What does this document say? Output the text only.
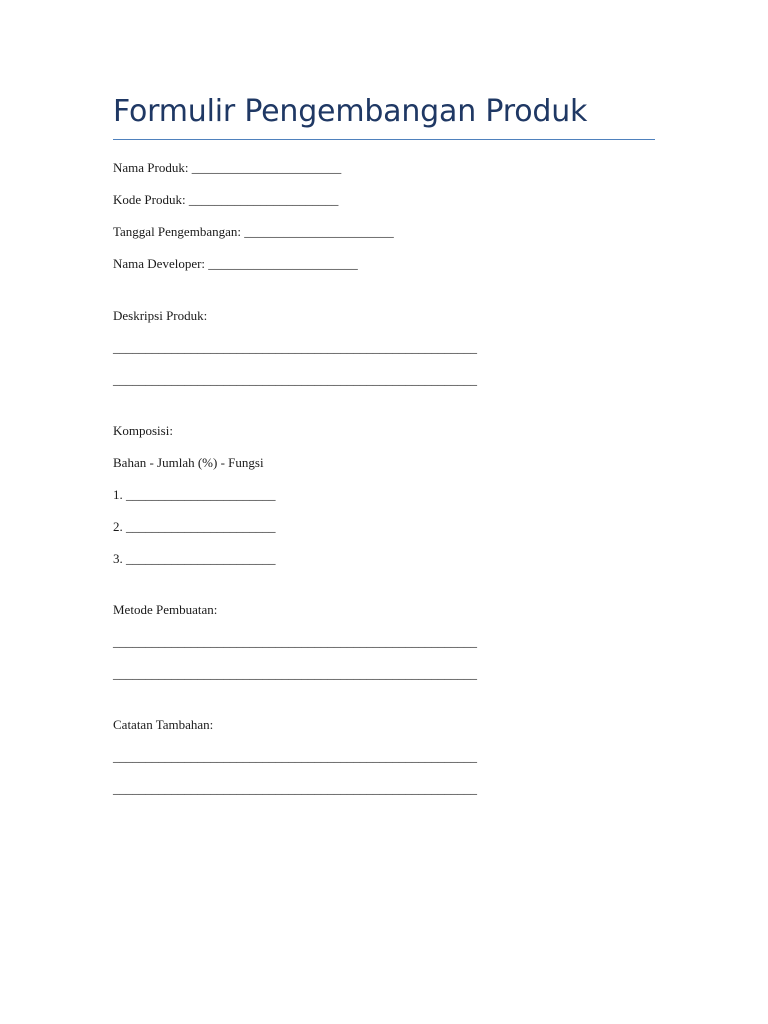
Formulir Pengembangan Produk
Nama Produk: _______________________
Kode Produk: _______________________
Tanggal Pengembangan: _______________________
Nama Developer: _______________________
Deskripsi Produk:
________________________________________________________
________________________________________________________
Komposisi:
Bahan - Jumlah (%) - Fungsi
1. _______________________
2. _______________________
3. _______________________
Metode Pembuatan:
________________________________________________________
________________________________________________________
Catatan Tambahan:
________________________________________________________
________________________________________________________
